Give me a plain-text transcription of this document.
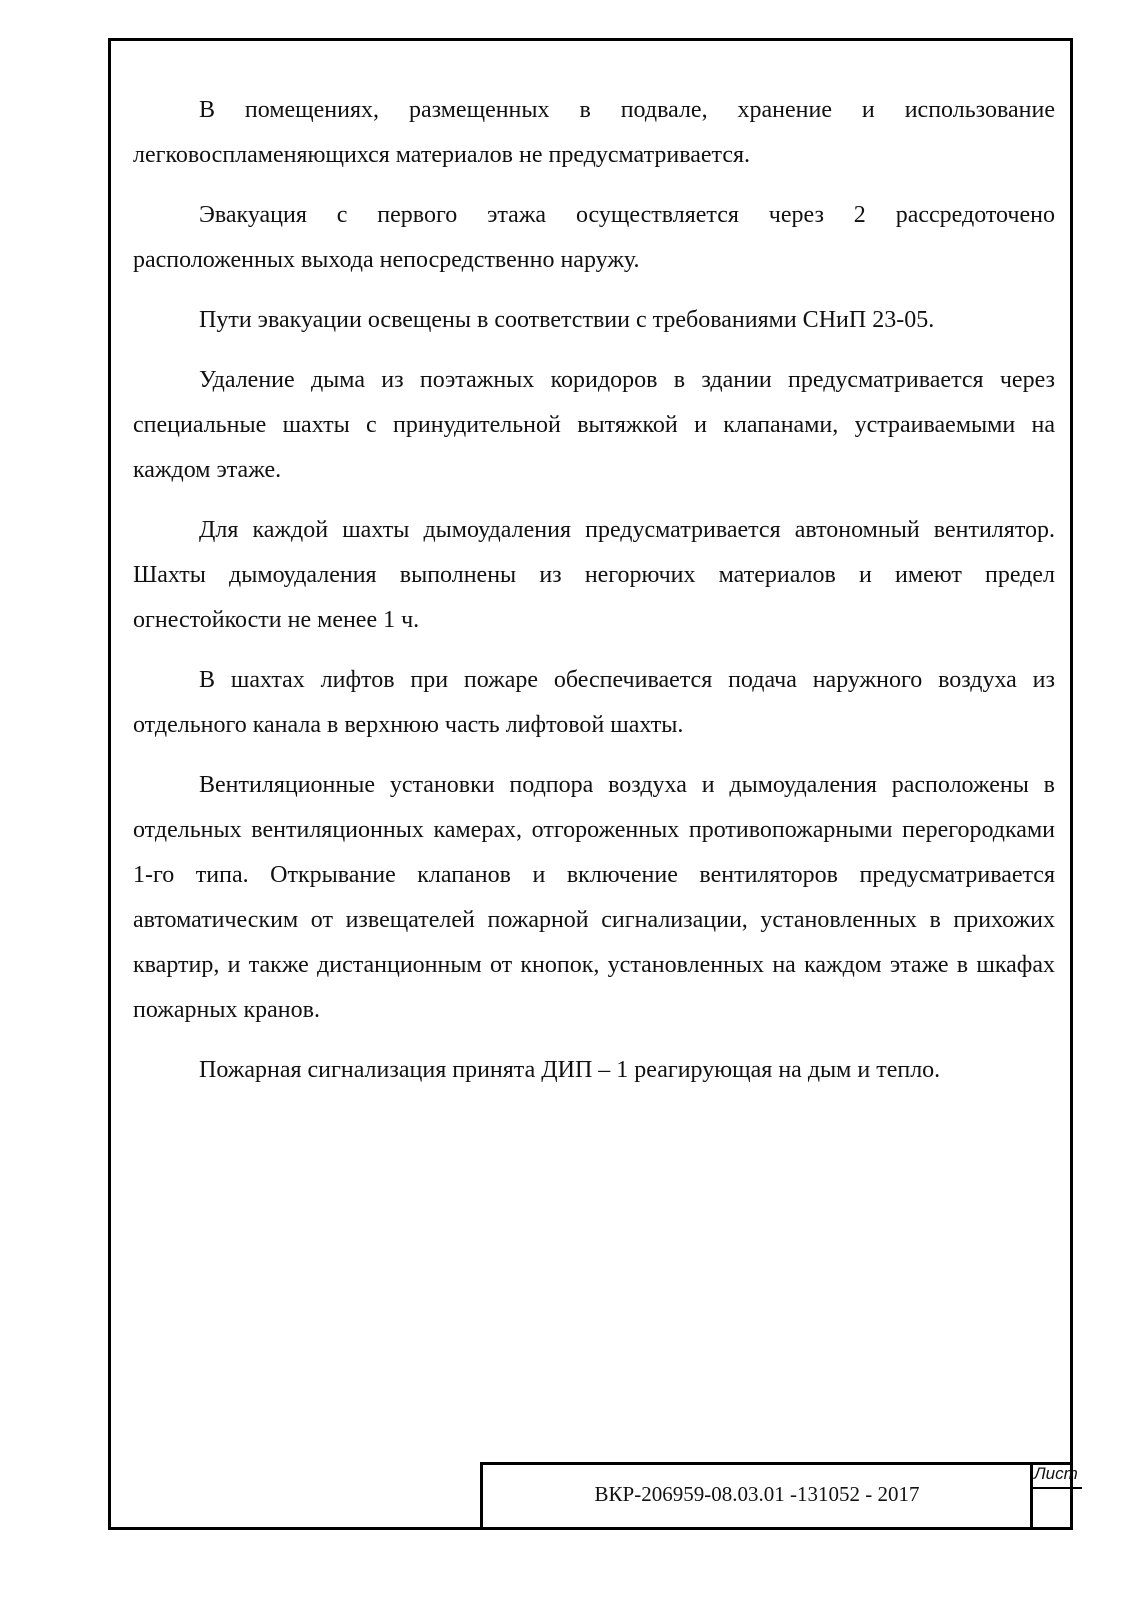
В помещениях, размещенных в подвале, хранение и использование легковоспламеняющихся материалов не предусматривается.

Эвакуация с первого этажа осуществляется через 2 рассредоточено расположенных выхода непосредственно наружу.

Пути эвакуации освещены в соответствии с требованиями СНиП 23-05.

Удаление дыма из поэтажных коридоров в здании предусматривается через специальные шахты с принудительной вытяжкой и клапанами, устраиваемыми на каждом этаже.

Для каждой шахты дымоудаления предусматривается автономный вентилятор. Шахты дымоудаления выполнены из негорючих материалов и имеют предел огнестойкости не менее 1 ч.

В шахтах лифтов при пожаре обеспечивается подача наружного воздуха из отдельного канала в верхнюю часть лифтовой шахты.

Вентиляционные установки подпора воздуха и дымоудаления расположены в отдельных вентиляционных камерах, отгороженных противопожарными перегородками 1-го типа. Открывание клапанов и включение вентиляторов предусматривается автоматическим от извещателей пожарной сигнализации, установленных в прихожих квартир, и также дистанционным от кнопок, установленных на каждом этаже в шкафах пожарных кранов.

Пожарная сигнализация принята ДИП – 1 реагирующая на дым и тепло.

ВКР-206959-08.03.01 -131052 - 2017
Лист
